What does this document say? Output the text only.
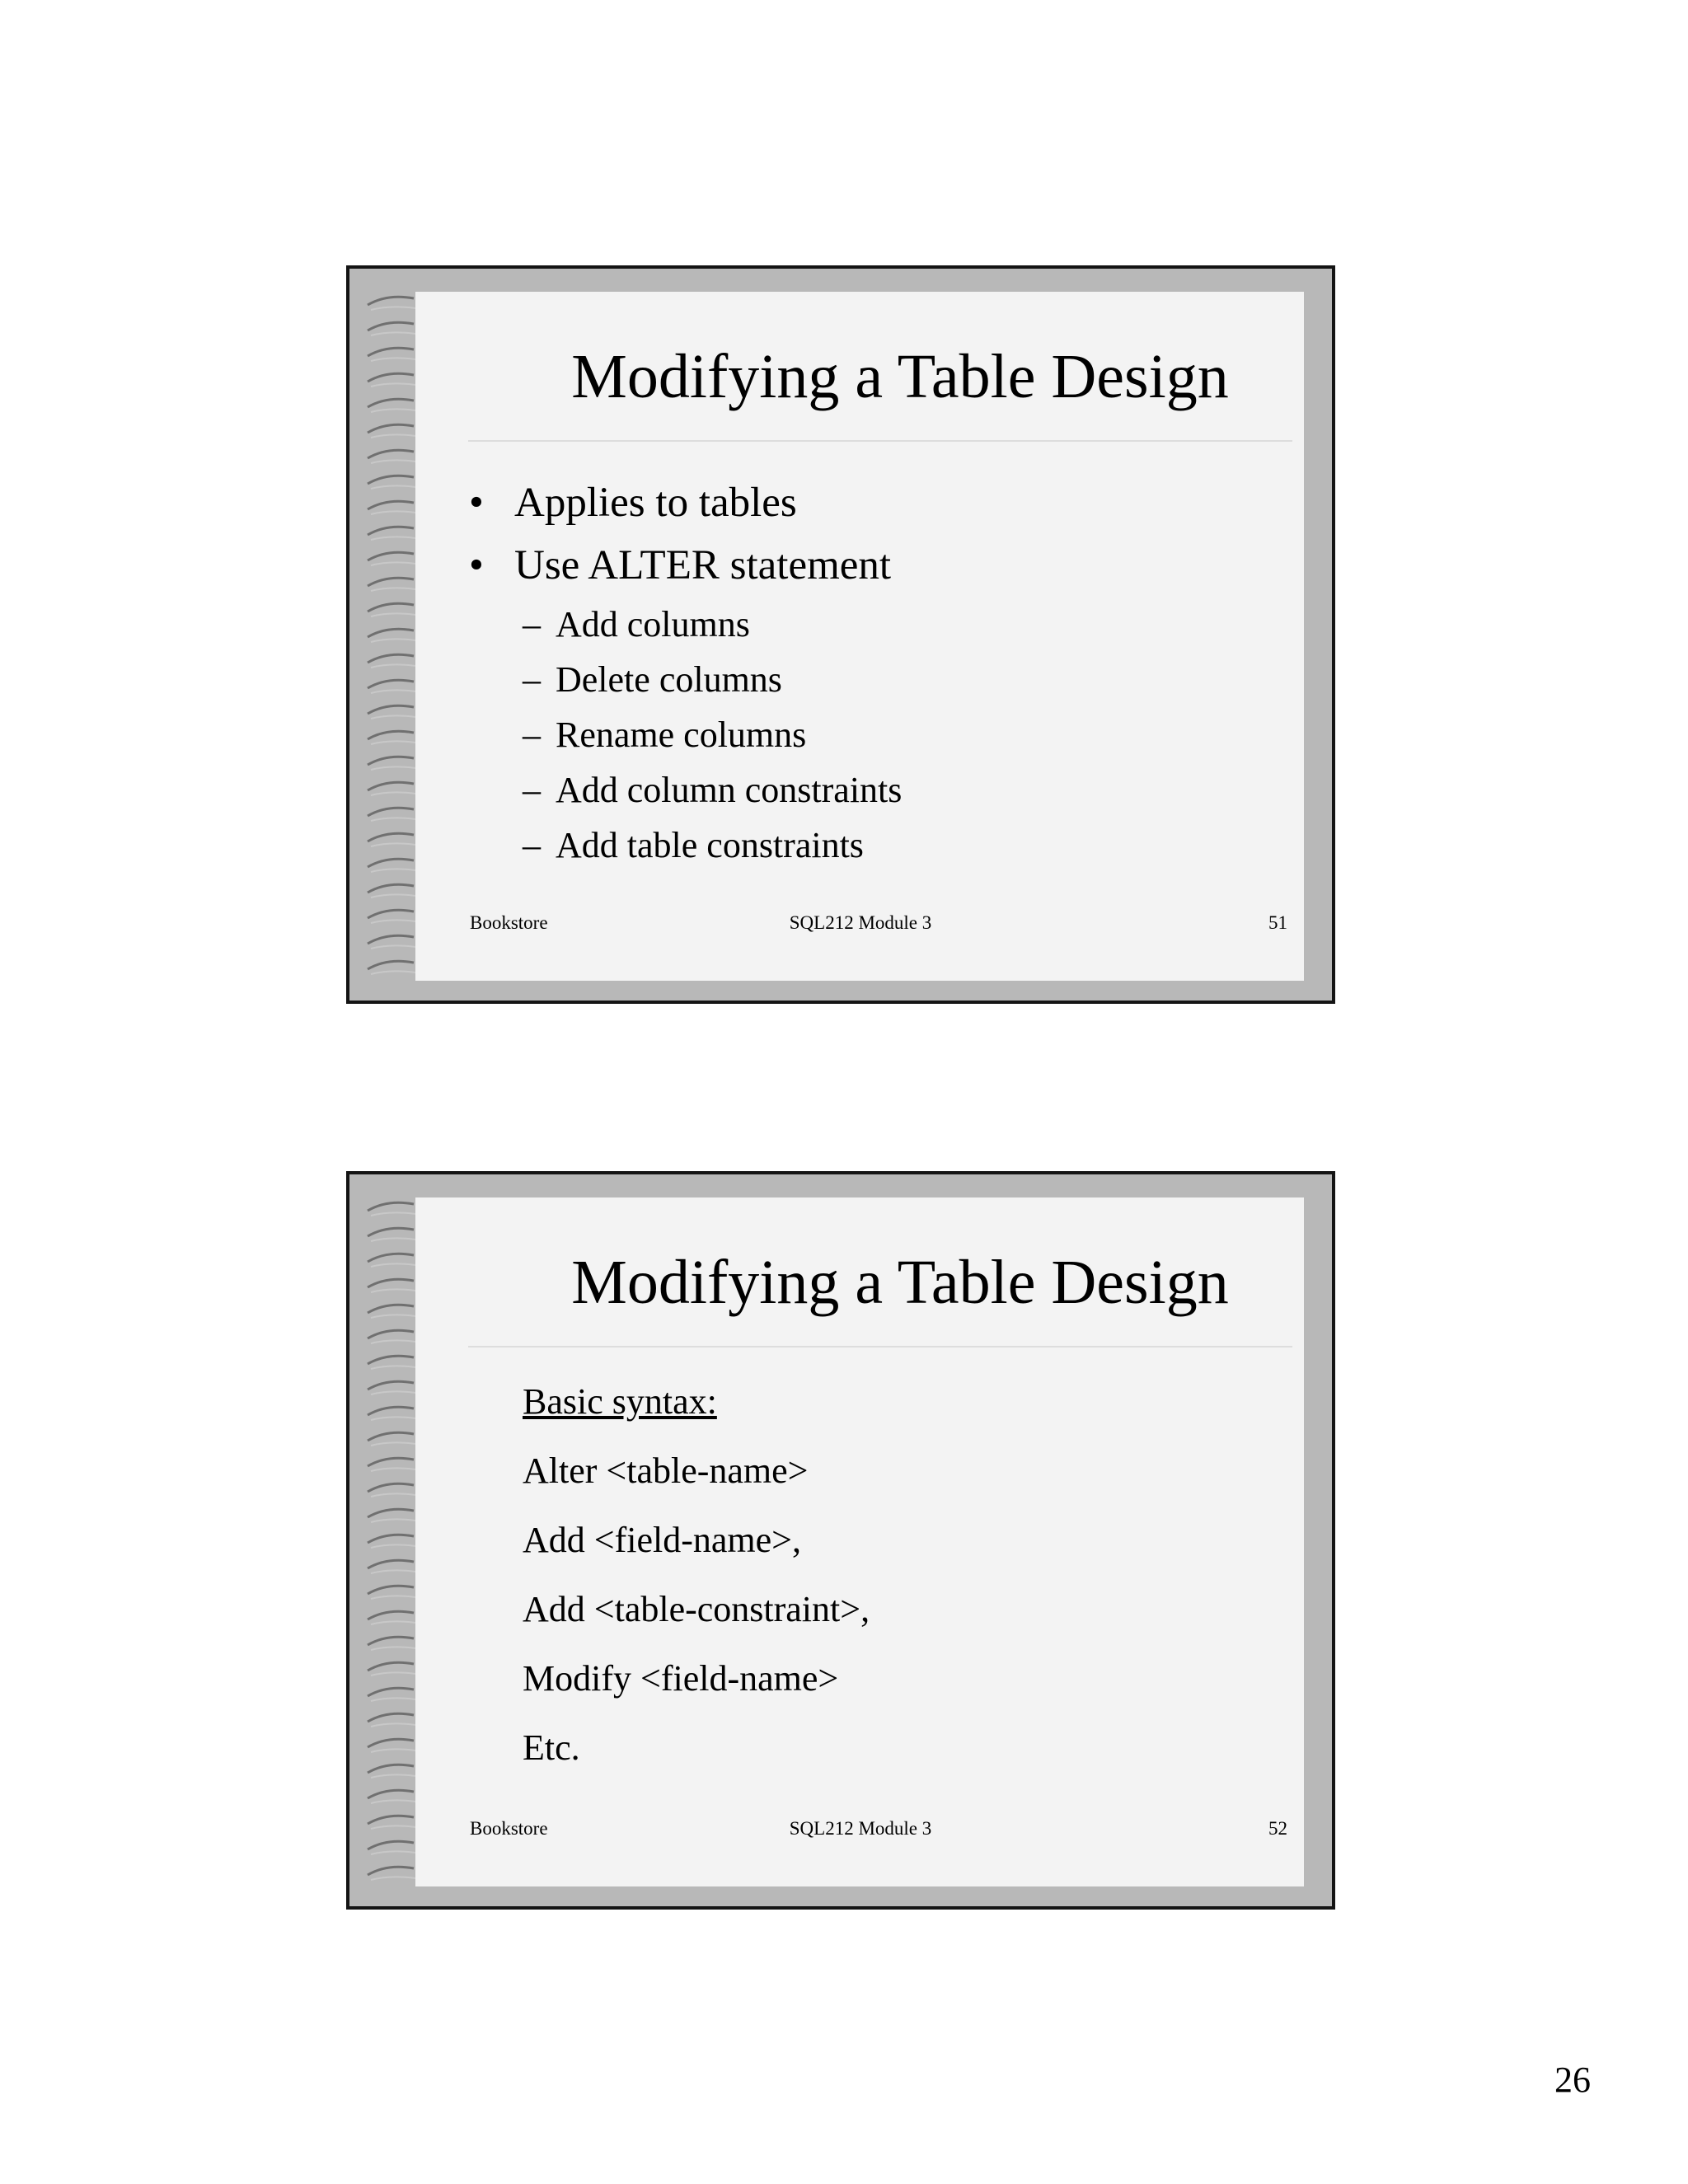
Modifying a Table Design
• Applies to tables
• Use ALTER statement
– Add columns
– Delete columns
– Rename columns
– Add column constraints
– Add table constraints
Bookstore	SQL212 Module 3	51
Modifying a Table Design
Basic syntax:
Alter <table-name>
Add <field-name>,
Add <table-constraint>,
Modify <field-name>
Etc.
Bookstore	SQL212 Module 3	52
26
